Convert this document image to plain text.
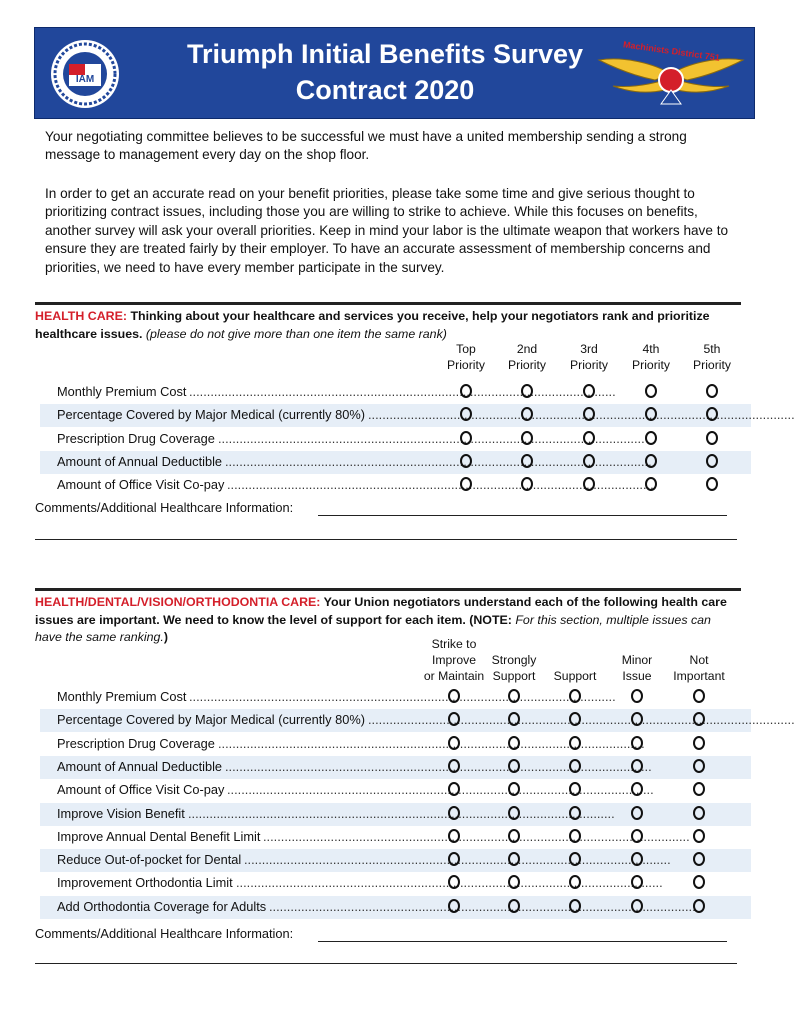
IAM
Triumph Initial Benefits Survey
Contract 2020
Machinists District 751
Your negotiating committee believes to be successful we must have a united membership sending a strong message to management every day on the shop floor.
In order to get an accurate read on your benefit priorities, please take some time and give serious thought to prioritizing contract issues, including those you are willing to strike to achieve. While this focuses on benefits, another survey will ask your overall priorities. Keep in mind your labor is the ultimate weapon that workers have to ensure they are treated fairly by their employer. To have an accurate assessment of membership concerns and priorities, we need to have every member participate in the survey.
HEALTH CARE: Thinking about your healthcare and services you receive, help your negotiators rank and prioritize healthcare issues. (please do not give more than one item the same rank)
Top
Priority
2nd
Priority
3rd
Priority
4th
Priority
5th
Priority
Monthly Premium Cost ........................................................................................................................
Percentage Covered by Major Medical (currently 80%) ........................................................................................................................
Prescription Drug Coverage ........................................................................................................................
Amount of Annual Deductible ........................................................................................................................
Amount of Office Visit Co-pay ........................................................................................................................
Comments/Additional Healthcare Information:
HEALTH/DENTAL/VISION/ORTHODONTIA CARE: Your Union negotiators understand each of the following health care issues are important. We need to know the level of support for each item. (NOTE: For this section, multiple issues can have the same ranking.)	Strike to
Improve
or Maintain
Strongly
Support	Support
Minor
Issue
Not
Important
Monthly Premium Cost ........................................................................................................................
Percentage Covered by Major Medical (currently 80%) ........................................................................................................................
Prescription Drug Coverage ........................................................................................................................
Amount of Annual Deductible ........................................................................................................................
Amount of Office Visit Co-pay ........................................................................................................................
Improve Vision Benefit ........................................................................................................................
Improve Annual Dental Benefit Limit ........................................................................................................................
Reduce Out-of-pocket for Dental ........................................................................................................................
Improvement Orthodontia Limit ........................................................................................................................
Add Orthodontia Coverage for Adults ........................................................................................................................
Comments/Additional Healthcare Information:
